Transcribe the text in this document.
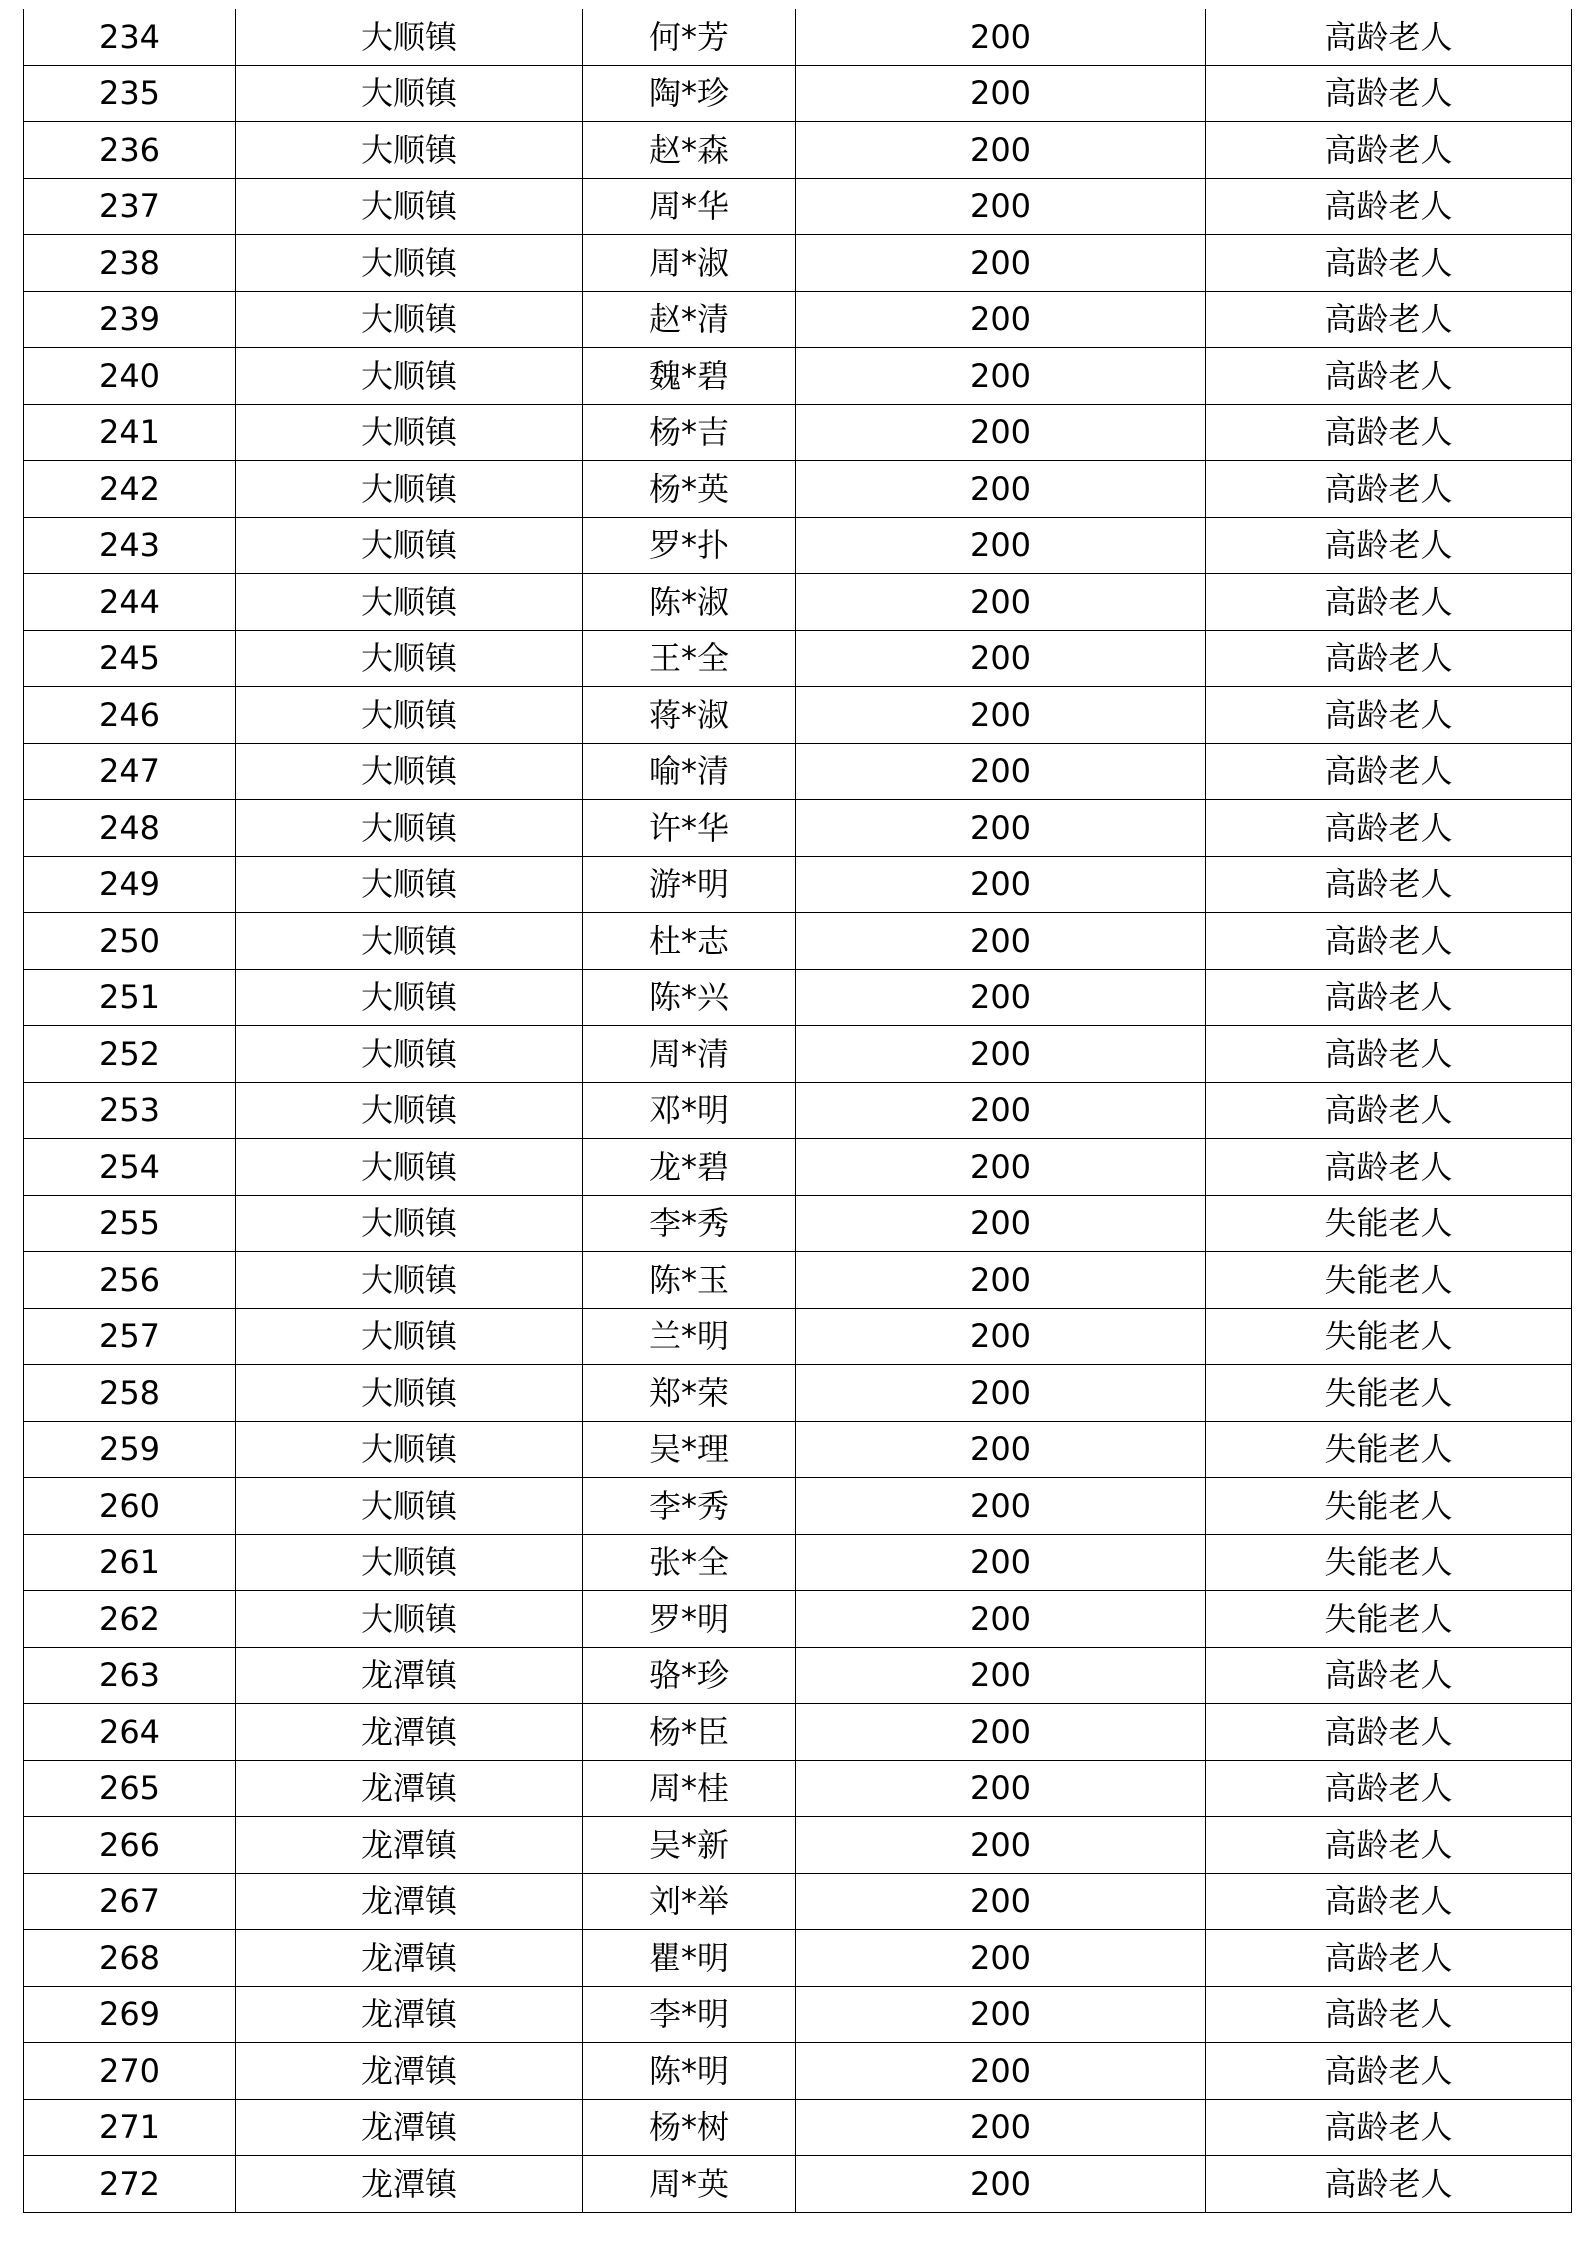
234	大顺镇	何*芳	200	高龄老人
235	大顺镇	陶*珍	200	高龄老人
236	大顺镇	赵*森	200	高龄老人
237	大顺镇	周*华	200	高龄老人
238	大顺镇	周*淑	200	高龄老人
239	大顺镇	赵*清	200	高龄老人
240	大顺镇	魏*碧	200	高龄老人
241	大顺镇	杨*吉	200	高龄老人
242	大顺镇	杨*英	200	高龄老人
243	大顺镇	罗*扑	200	高龄老人
244	大顺镇	陈*淑	200	高龄老人
245	大顺镇	王*全	200	高龄老人
246	大顺镇	蒋*淑	200	高龄老人
247	大顺镇	喻*清	200	高龄老人
248	大顺镇	许*华	200	高龄老人
249	大顺镇	游*明	200	高龄老人
250	大顺镇	杜*志	200	高龄老人
251	大顺镇	陈*兴	200	高龄老人
252	大顺镇	周*清	200	高龄老人
253	大顺镇	邓*明	200	高龄老人
254	大顺镇	龙*碧	200	高龄老人
255	大顺镇	李*秀	200	失能老人
256	大顺镇	陈*玉	200	失能老人
257	大顺镇	兰*明	200	失能老人
258	大顺镇	郑*荣	200	失能老人
259	大顺镇	吴*理	200	失能老人
260	大顺镇	李*秀	200	失能老人
261	大顺镇	张*全	200	失能老人
262	大顺镇	罗*明	200	失能老人
263	龙潭镇	骆*珍	200	高龄老人
264	龙潭镇	杨*臣	200	高龄老人
265	龙潭镇	周*桂	200	高龄老人
266	龙潭镇	吴*新	200	高龄老人
267	龙潭镇	刘*举	200	高龄老人
268	龙潭镇	瞿*明	200	高龄老人
269	龙潭镇	李*明	200	高龄老人
270	龙潭镇	陈*明	200	高龄老人
271	龙潭镇	杨*树	200	高龄老人
272	龙潭镇	周*英	200	高龄老人
